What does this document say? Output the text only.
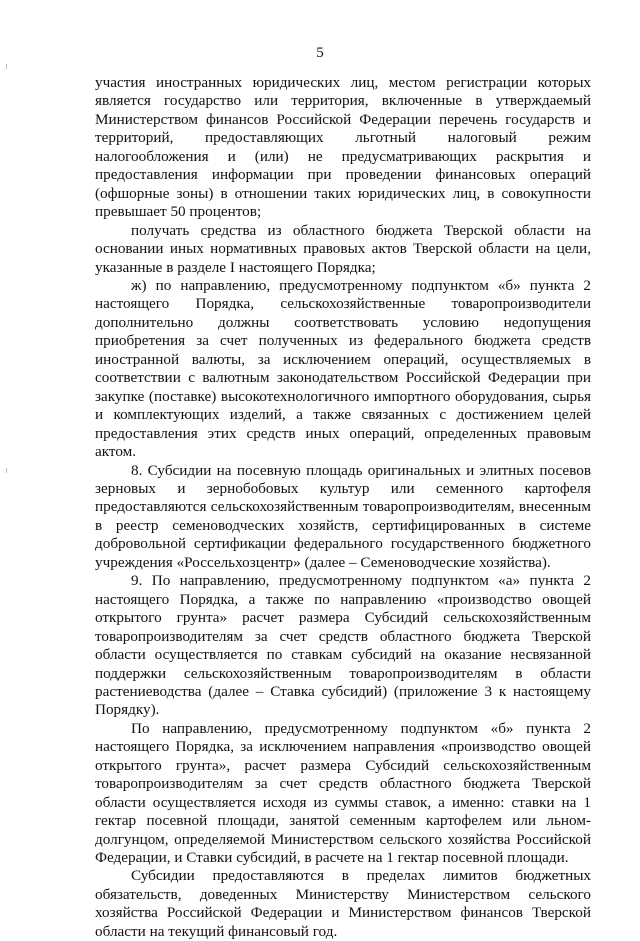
5

участия иностранных юридических лиц, местом регистрации которых является государство или территория, включенные в утверждаемый Министерством финансов Российской Федерации перечень государств и территорий, предоставляющих льготный налоговый режим налогообложения и (или) не предусматривающих раскрытия и предоставления информации при проведении финансовых операций (офшорные зоны) в отношении таких юридических лиц, в совокупности превышает 50 процентов;

получать средства из областного бюджета Тверской области на основании иных нормативных правовых актов Тверской области на цели, указанные в разделе I настоящего Порядка;

ж) по направлению, предусмотренному подпунктом «б» пункта 2 настоящего Порядка, сельскохозяйственные товаропроизводители дополнительно должны соответствовать условию недопущения приобретения за счет полученных из федерального бюджета средств иностранной валюты, за исключением операций, осуществляемых в соответствии с валютным законодательством Российской Федерации при закупке (поставке) высокотехнологичного импортного оборудования, сырья и комплектующих изделий, а также связанных с достижением целей предоставления этих средств иных операций, определенных правовым актом.

8. Субсидии на посевную площадь оригинальных и элитных посевов зерновых и зернобобовых культур или семенного картофеля предоставляются сельскохозяйственным товаропроизводителям, внесенным в реестр семеноводческих хозяйств, сертифицированных в системе добровольной сертификации федерального государственного бюджетного учреждения «Россельхозцентр» (далее – Семеноводческие хозяйства).

9. По направлению, предусмотренному подпунктом «а» пункта 2 настоящего Порядка, а также по направлению «производство овощей открытого грунта» расчет размера Субсидий сельскохозяйственным товаропроизводителям за счет средств областного бюджета Тверской области осуществляется по ставкам субсидий на оказание несвязанной поддержки сельскохозяйственным товаропроизводителям в области растениеводства (далее – Ставка субсидий) (приложение 3 к настоящему Порядку).

По направлению, предусмотренному подпунктом «б» пункта 2 настоящего Порядка, за исключением направления «производство овощей открытого грунта», расчет размера Субсидий сельскохозяйственным товаропроизводителям за счет средств областного бюджета Тверской области осуществляется исходя из суммы ставок, а именно: ставки на 1 гектар посевной площади, занятой семенным картофелем или льном-долгунцом, определяемой Министерством сельского хозяйства Российской Федерации, и Ставки субсидий, в расчете на 1 гектар посевной площади.

Субсидии предоставляются в пределах лимитов бюджетных обязательств, доведенных Министерству Министерством сельского хозяйства Российской Федерации и Министерством финансов Тверской области на текущий финансовый год.
